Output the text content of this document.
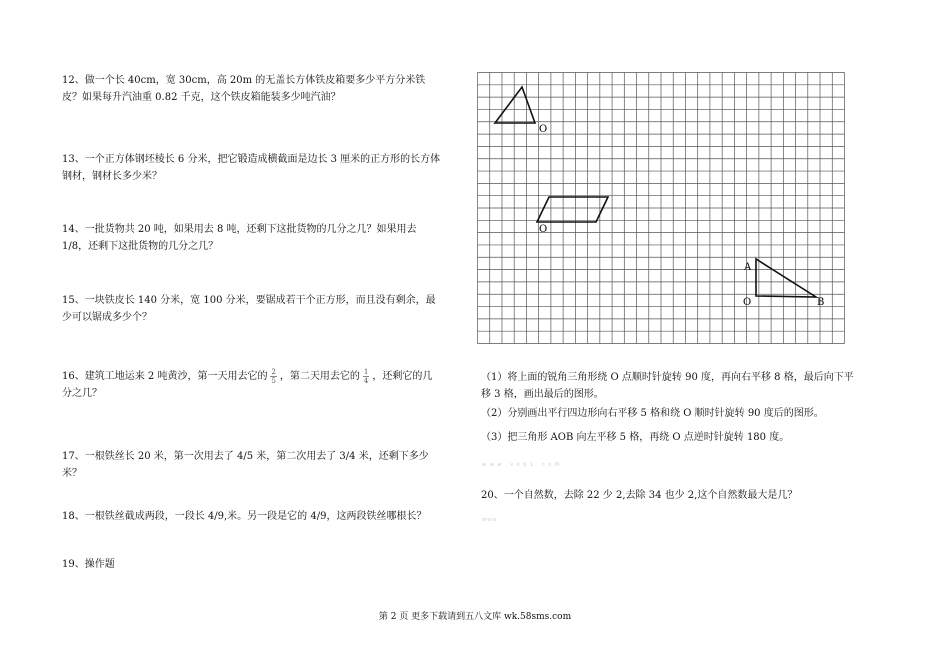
12、做一个长 40cm，宽 30cm，高 20m 的无盖长方体铁皮箱要多少平方分米铁皮？如果每升汽油重 0.82 千克，这个铁皮箱能装多少吨汽油？

13、一个正方体钢坯棱长 6 分米，把它锻造成横截面是边长 3 厘米的正方形的长方体钢材，钢材长多少米？

14、一批货物共 20 吨，如果用去 8 吨，还剩下这批货物的几分之几？如果用去 1/8，还剩下这批货物的几分之几？

15、一块铁皮长 140 分米，宽 100 分米，要锯成若干个正方形，而且没有剩余，最少可以锯成多少个？

16、建筑工地运来 2 吨黄沙，第一天用去它的 $\frac{2}{5}$ ，第二天用去它的 $\frac{1}{4}$ ，还剩它的几分之几？

17、一根铁丝长 20 米，第一次用去了 4/5 米，第二次用去了 3/4 米，还剩下多少米？

18、一根铁丝截成两段，一段长 4/9,米。另一段是它的 4/9，这两段铁丝哪根长？

19、操作题

O
O
A
O	B

（1）将上面的锐角三角形绕 O 点顺时针旋转 90 度，再向右平移 8 格，最后向下平移 3 格，画出最后的图形。

（2）分别画出平行四边形向右平移 5 格和绕 O 顺时针旋转 90 度后的图形。

（3）把三角形 AOB 向左平移 5 格，再绕 O 点逆时针旋转 180 度。

w w w . x k b 1 . c o M

20、一个自然数，去除 22 少 2,去除 34 也少 2,这个自然数最大是几？

www
第 2 页 更多下载请到五八文库 wk.58sms.com
